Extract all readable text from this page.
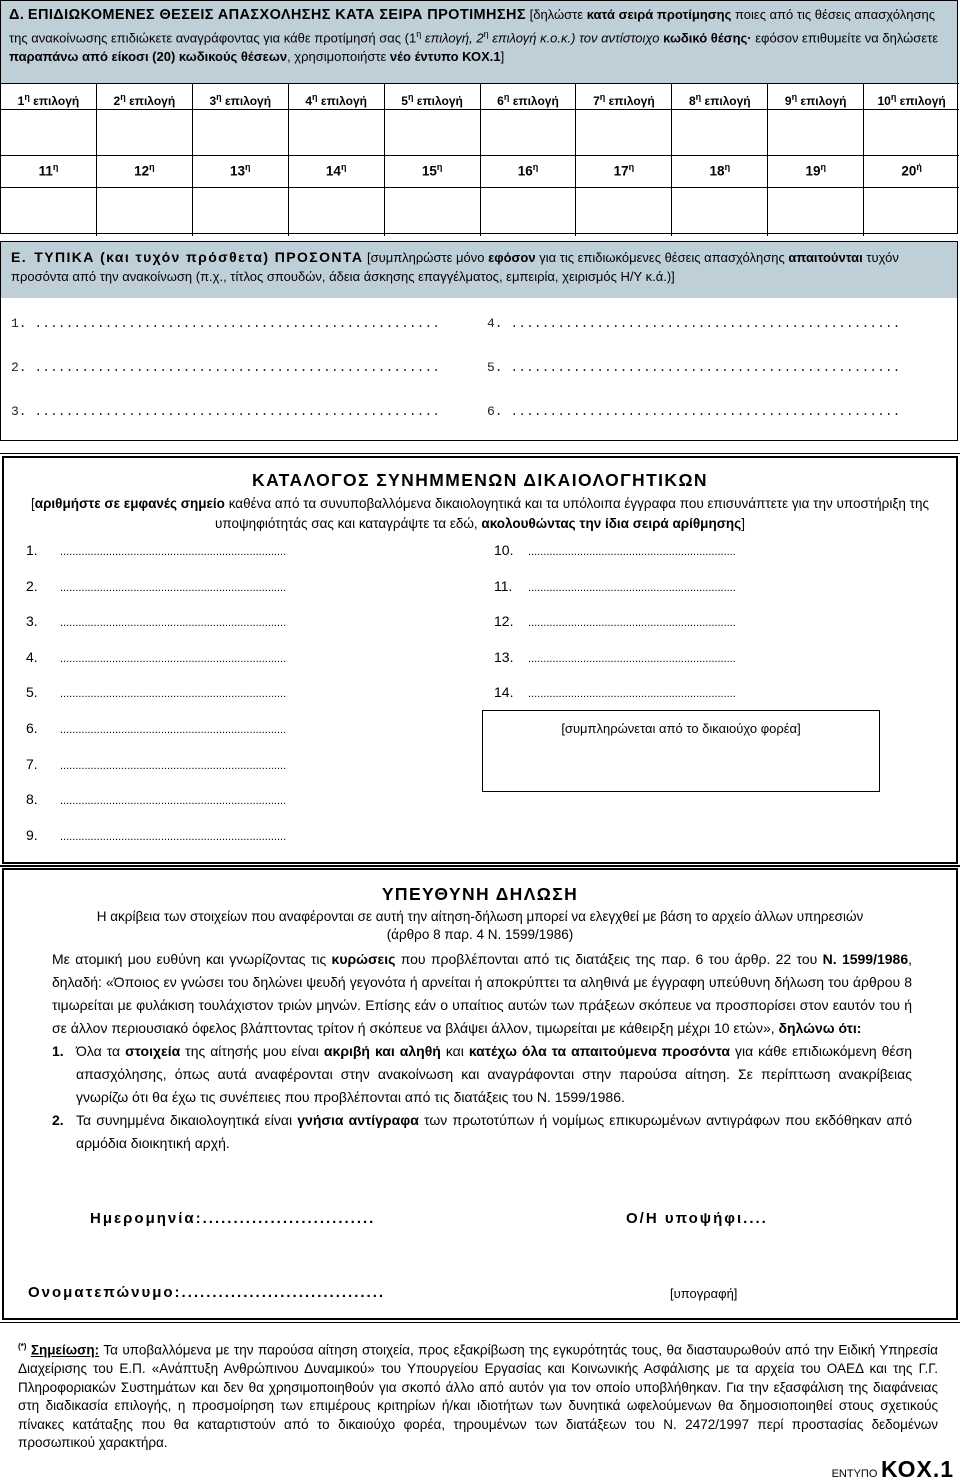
Δ. ΕΠΙΔΙΩΚΟΜΕΝΕΣ ΘΕΣΕΙΣ ΑΠΑΣΧΟΛΗΣΗΣ ΚΑΤΑ ΣΕΙΡΑ ΠΡΟΤΙΜΗΣΗΣ [δηλώστε κατά σειρά προτίμησης ποιες από τις θέσεις απασχόλησης της ανακοίνωσης επιδιώκετε αναγράφοντας για κάθε προτίμησή σας ($1^\eta$ επιλογή, $2^\eta$ επιλογή κ.ο.κ.) τον αντίστοιχο κωδικό θέσης· εφόσον επιθυμείτε να δηλώσετε παραπάνω από είκοσι (20) κωδικούς θέσεων, χρησιμοποιήστε νέο έντυπο ΚΟΧ.1]
$1^\eta$ επιλογή	$2^\eta$ επιλογή	$3^\eta$ επιλογή	$4^\eta$ επιλογή	$5^\eta$ επιλογή	$6^\eta$ επιλογή	$7^\eta$ επιλογή	$8^\eta$ επιλογή	$9^\eta$ επιλογή	$10^\eta$ επιλογή
$11^\eta$	$12^\eta$	$13^\eta$	$14^\eta$	$15^\eta$	$16^\eta$	$17^\eta$	$18^\eta$	$19^\eta$	$20^ή$
Ε. ΤΥΠΙΚΑ (και τυχόν πρόσθετα) ΠΡΟΣΟΝΤΑ [συμπληρώστε μόνο εφόσον για τις επιδιωκόμενες θέσεις απασχόλησης απαιτούνται τυχόν προσόντα από την ανακοίνωση (π.χ., τίτλος σπουδών, άδεια άσκησης επαγγέλματος, εμπειρία, χειρισμός Η/Υ κ.ά.)]
1. ....................................................
2. ....................................................
3. ....................................................
4. ..................................................
5. ..................................................
6. ..................................................
ΚΑΤΑΛΟΓΟΣ ΣΥΝΗΜΜΕΝΩΝ ΔΙΚΑΙΟΛΟΓΗΤΙΚΩΝ
[αριθμήστε σε εμφανές σημείο καθένα από τα συνυποβαλλόμενα δικαιολογητικά και τα υπόλοιπα έγγραφα που επισυνάπτετε για την υποστήριξη της υποψηφιότητάς σας και καταγράψτε τα εδώ, ακολουθώντας την ίδια σειρά αρίθμησης]
1. ..........................................................................
2. ..........................................................................
3. ..........................................................................
4. ..........................................................................
5. ..........................................................................
6. ..........................................................................
7. ..........................................................................
8. ..........................................................................
9. ..........................................................................
10. ....................................................................
11. ....................................................................
12. ....................................................................
13. ....................................................................
14. ....................................................................
[συμπληρώνεται από το δικαιούχο φορέα]
ΥΠΕΥΘΥΝΗ ΔΗΛΩΣΗ
Η ακρίβεια των στοιχείων που αναφέρονται σε αυτή την αίτηση-δήλωση μπορεί να ελεγχθεί με βάση το αρχείο άλλων υπηρεσιών
(άρθρο 8 παρ. 4 Ν. 1599/1986)
Με ατομική μου ευθύνη και γνωρίζοντας τις κυρώσεις που προβλέπονται από τις διατάξεις της παρ. 6 του άρθρ. 22 του Ν. 1599/1986, δηλαδή: «Όποιος εν γνώσει του δηλώνει ψευδή γεγονότα ή αρνείται ή αποκρύπτει τα αληθινά με έγγραφη υπεύθυνη δήλωση του άρθρου 8 τιμωρείται με φυλάκιση τουλάχιστον τριών μηνών. Επίσης εάν ο υπαίτιος αυτών των πράξεων σκόπευε να προσπορίσει στον εαυτόν του ή σε άλλον περιουσιακό όφελος βλάπτοντας τρίτον ή σκόπευε να βλάψει άλλον, τιμωρείται με κάθειρξη μέχρι 10 ετών», δηλώνω ότι:
1. Όλα τα στοιχεία της αίτησής μου είναι ακριβή και αληθή και κατέχω όλα τα απαιτούμενα προσόντα για κάθε επιδιωκόμενη θέση απασχόλησης, όπως αυτά αναφέρονται στην ανακοίνωση και αναγράφονται στην παρούσα αίτηση. Σε περίπτωση ανακρίβειας γνωρίζω ότι θα έχω τις συνέπειες που προβλέπονται από τις διατάξεις του Ν. 1599/1986.
2. Τα συνημμένα δικαιολογητικά είναι γνήσια αντίγραφα των πρωτοτύπων ή νομίμως επικυρωμένων αντιγράφων που εκδόθηκαν από αρμόδια διοικητική αρχή.
Ημερομηνία:............................	Ο/Η υποψήφι....
Ονοματεπώνυμο:.................................	[υπογραφή]
(*) Σημείωση: Τα υποβαλλόμενα με την παρούσα αίτηση στοιχεία, προς εξακρίβωση της εγκυρότητάς τους, θα διασταυρωθούν από την Ειδική Υπηρεσία Διαχείρισης του Ε.Π. «Ανάπτυξη Ανθρώπινου Δυναμικού» του Υπουργείου Εργασίας και Κοινωνικής Ασφάλισης με τα αρχεία του ΟΑΕΔ και της Γ.Γ. Πληροφοριακών Συστημάτων και δεν θα χρησιμοποιηθούν για σκοπό άλλο από αυτόν για τον οποίο υποβλήθηκαν. Για την εξασφάλιση της διαφάνειας στη διαδικασία επιλογής, η προσμοίρηση των επιμέρους κριτηρίων ή/και ιδιοτήτων των δυνητικά ωφελούμενων θα δημοσιοποιηθεί στους σχετικούς πίνακες κατάταξης που θα καταρτιστούν από το δικαιούχο φορέα, τηρουμένων των διατάξεων του Ν. 2472/1997 περί προστασίας δεδομένων προσωπικού χαρακτήρα.
ΕΝΤΥΠΟ ΚΟΧ.1
